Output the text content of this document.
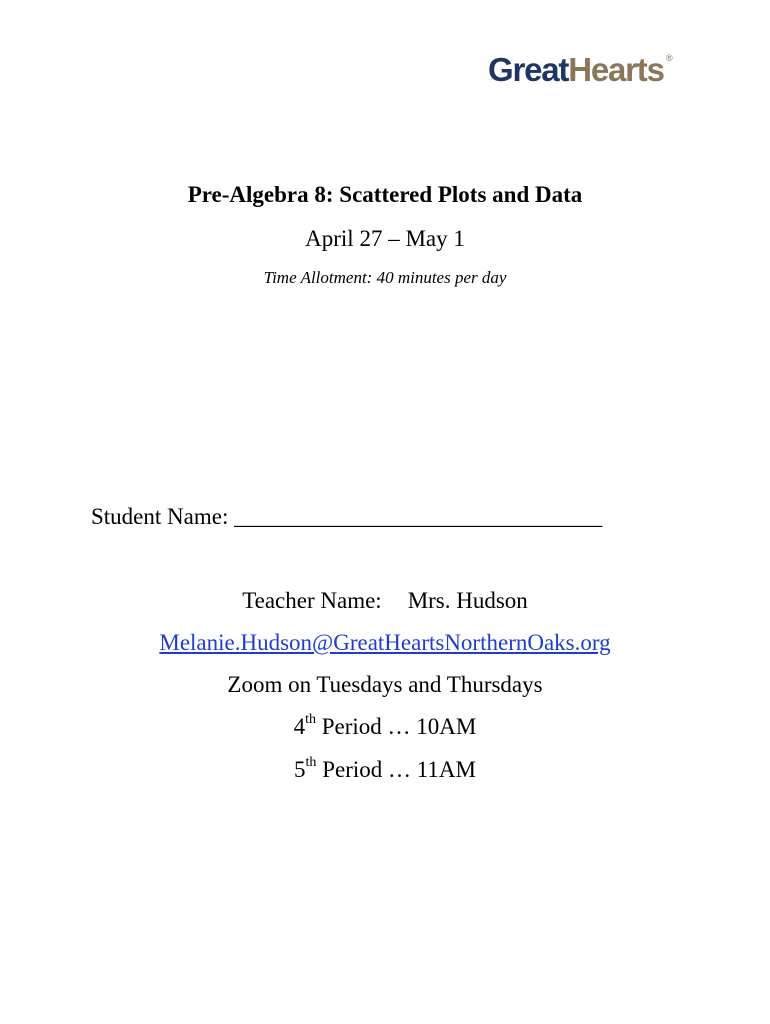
GreatHearts ®
Pre-Algebra 8: Scattered Plots and Data
April 27 – May 1
Time Allotment: 40 minutes per day
Student Name: ________________________________
Teacher Name: Mrs. Hudson
Melanie.Hudson@GreatHeartsNorthernOaks.org
Zoom on Tuesdays and Thursdays
4th Period … 10AM
5th Period … 11AM
